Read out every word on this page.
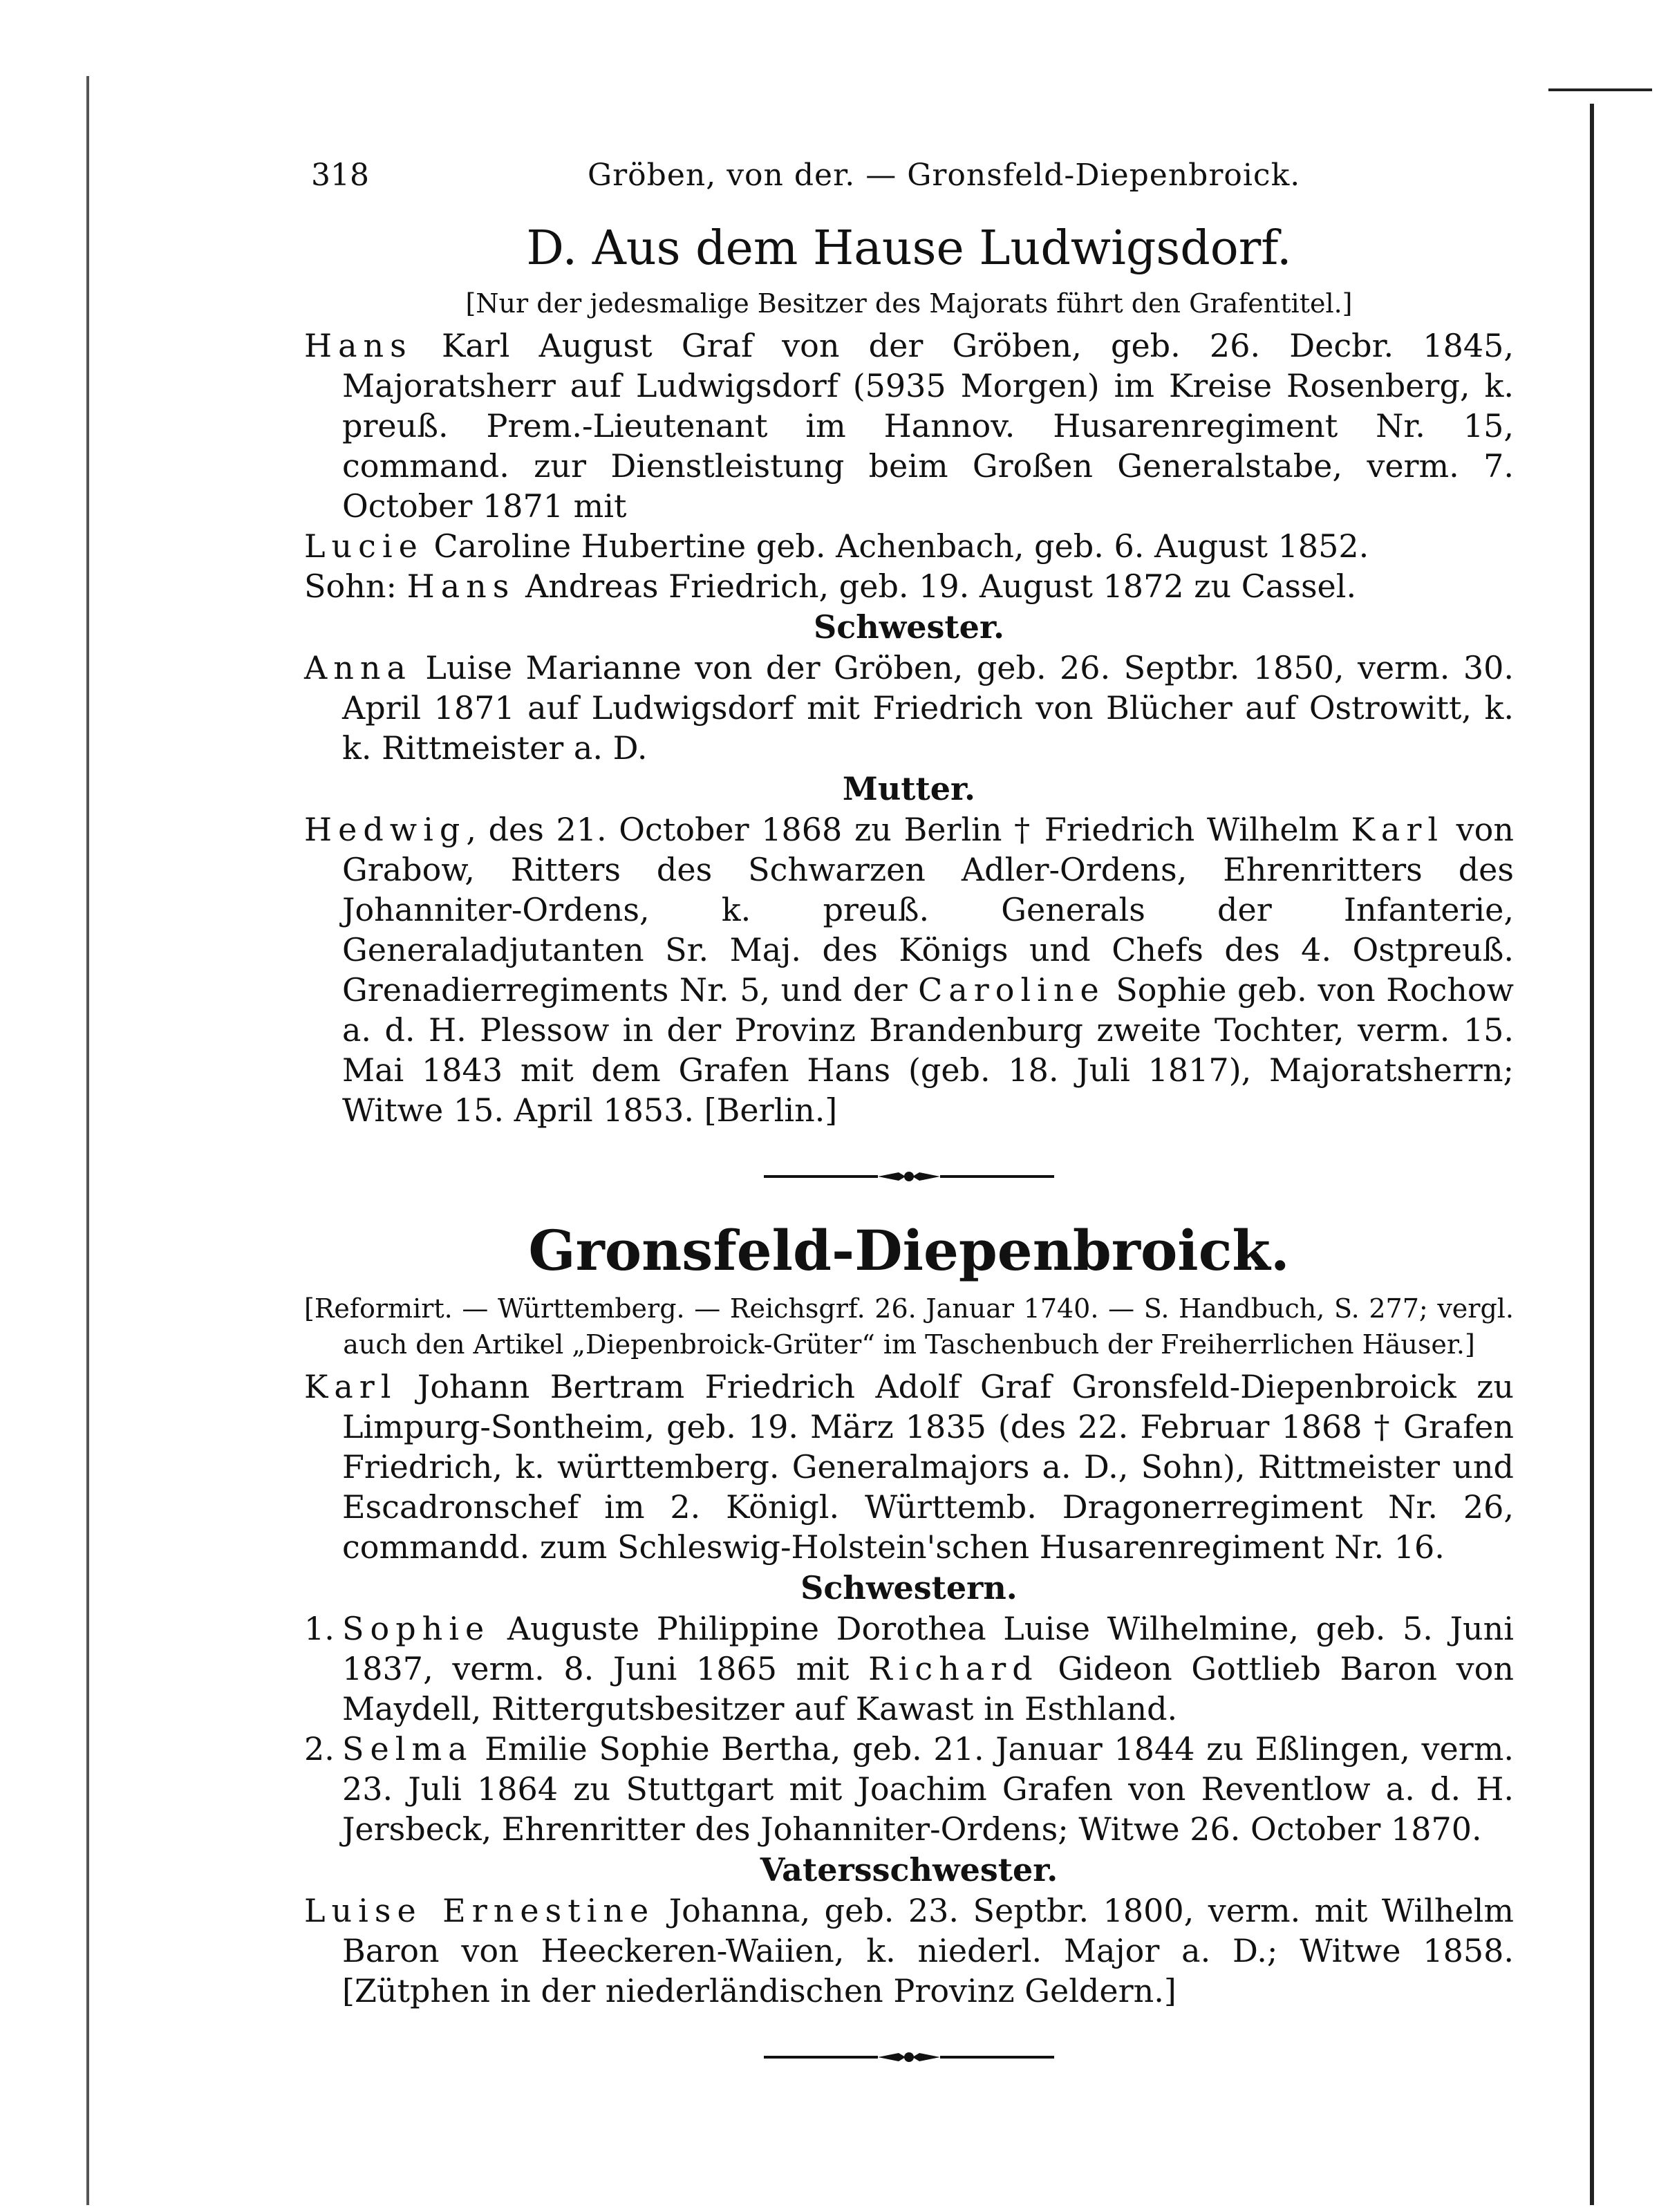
318	Gröben, von der. — Gronsfeld-Diepenbroick.
D. Aus dem Hause Ludwigsdorf.
[Nur der jedesmalige Besitzer des Majorats führt den Grafentitel.]

Hans Karl August Graf von der Gröben, geb. 26. Decbr. 1845, Majoratsherr auf Ludwigsdorf (5935 Morgen) im Kreise Rosenberg, k. preuß. Prem.-Lieutenant im Hannov. Husarenregiment Nr. 15, command. zur Dienstleistung beim Großen Generalstabe, verm. 7. October 1871 mit

Lucie Caroline Hubertine geb. Achenbach, geb. 6. August 1852.

Sohn: Hans Andreas Friedrich, geb. 19. August 1872 zu Cassel.

Schwester.

Anna Luise Marianne von der Gröben, geb. 26. Septbr. 1850, verm. 30. April 1871 auf Ludwigsdorf mit Friedrich von Blücher auf Ostrowitt, k. k. Rittmeister a. D.

Mutter.

Hedwig, des 21. October 1868 zu Berlin † Friedrich Wilhelm Karl von Grabow, Ritters des Schwarzen Adler-Ordens, Ehrenritters des Johanniter-Ordens, k. preuß. Generals der Infanterie, Generaladjutanten Sr. Maj. des Königs und Chefs des 4. Ostpreuß. Grenadierregiments Nr. 5, und der Caroline Sophie geb. von Rochow a. d. H. Plessow in der Provinz Brandenburg zweite Tochter, verm. 15. Mai 1843 mit dem Grafen Hans (geb. 18. Juli 1817), Majoratsherrn; Witwe 15. April 1853. [Berlin.]

Gronsfeld-Diepenbroick.
[Reformirt. — Württemberg. — Reichsgrf. 26. Januar 1740. — S. Handbuch, S. 277; vergl. auch den Artikel „Diepenbroick-Grüter“ im Taschenbuch der Freiherrlichen Häuser.]

Karl Johann Bertram Friedrich Adolf Graf Gronsfeld-Diepenbroick zu Limpurg-Sontheim, geb. 19. März 1835 (des 22. Februar 1868 † Grafen Friedrich, k. württemberg. Generalmajors a. D., Sohn), Rittmeister und Escadronschef im 2. Königl. Württemb. Dragonerregiment Nr. 26, commandd. zum Schleswig-Holstein'schen Husarenregiment Nr. 16.

Schwestern.

1. Sophie Auguste Philippine Dorothea Luise Wilhelmine, geb. 5. Juni 1837, verm. 8. Juni 1865 mit Richard Gideon Gottlieb Baron von Maydell, Rittergutsbesitzer auf Kawast in Esthland.

2. Selma Emilie Sophie Bertha, geb. 21. Januar 1844 zu Eßlingen, verm. 23. Juli 1864 zu Stuttgart mit Joachim Grafen von Reventlow a. d. H. Jersbeck, Ehrenritter des Johanniter-Ordens; Witwe 26. October 1870.

Vatersschwester.

Luise Ernestine Johanna, geb. 23. Septbr. 1800, verm. mit Wilhelm Baron von Heeckeren-Waiien, k. niederl. Major a. D.; Witwe 1858. [Zütphen in der niederländischen Provinz Geldern.]
